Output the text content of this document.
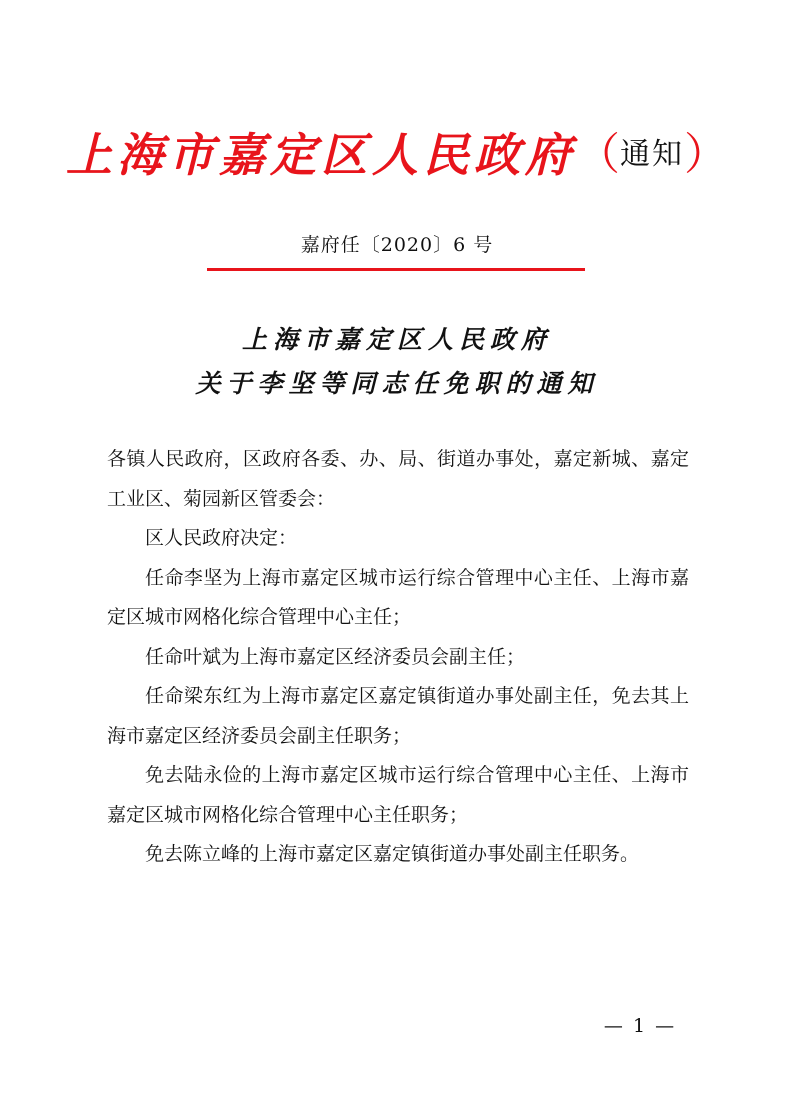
上海市嘉定区人民政府（通知）
嘉府任〔2020〕6 号
上海市嘉定区人民政府
关于李坚等同志任免职的通知

各镇人民政府，区政府各委、办、局、街道办事处，嘉定新城、嘉定工业区、菊园新区管委会：

区人民政府决定：

任命李坚为上海市嘉定区城市运行综合管理中心主任、上海市嘉定区城市网格化综合管理中心主任；

任命叶斌为上海市嘉定区经济委员会副主任；

任命梁东红为上海市嘉定区嘉定镇街道办事处副主任，免去其上海市嘉定区经济委员会副主任职务；

免去陆永俭的上海市嘉定区城市运行综合管理中心主任、上海市嘉定区城市网格化综合管理中心主任职务；

免去陈立峰的上海市嘉定区嘉定镇街道办事处副主任职务。

— 1 —
